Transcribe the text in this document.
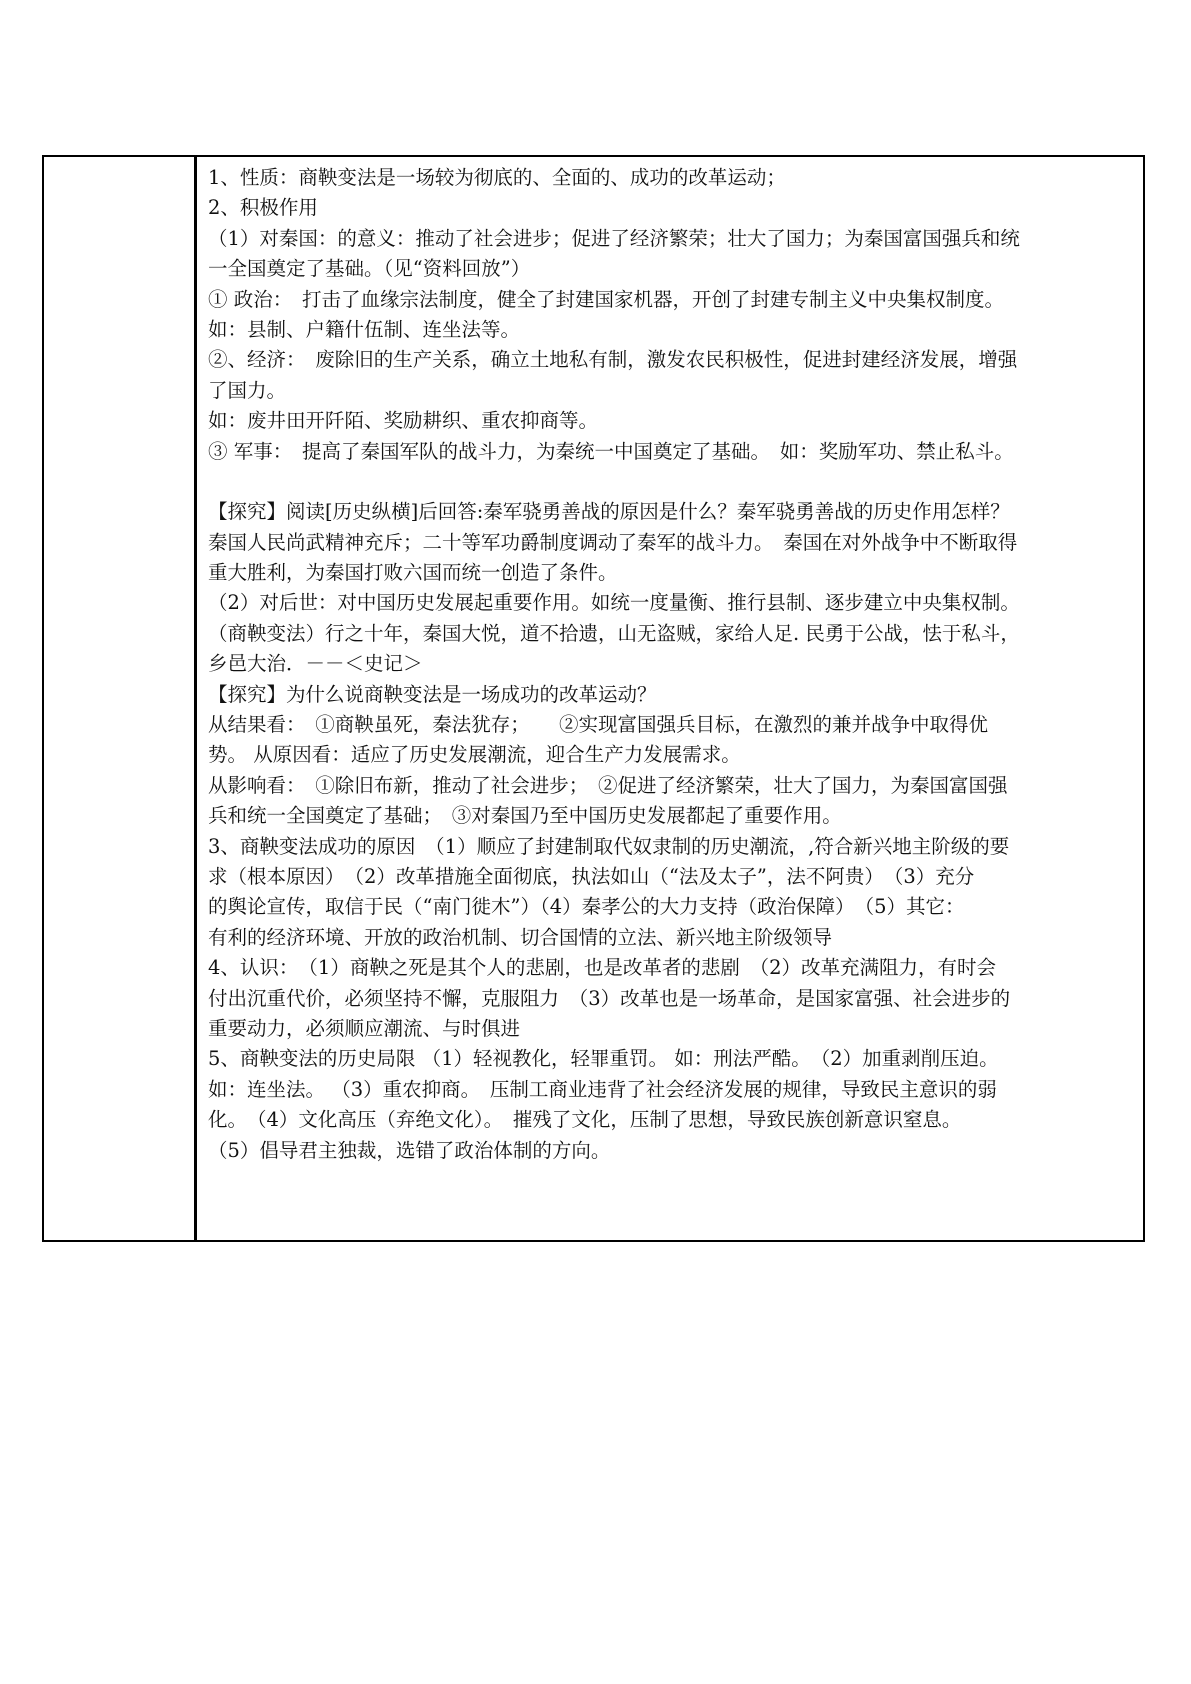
1、性质：商鞅变法是一场较为彻底的、全面的、成功的改革运动；
2、积极作用
（1）对秦国：的意义：推动了社会进步；促进了经济繁荣；壮大了国力；为秦国富国强兵和统
一全国奠定了基础。（见“资料回放”）
① 政治：　打击了血缘宗法制度，健全了封建国家机器，开创了封建专制主义中央集权制度。
如：县制、户籍什伍制、连坐法等。
②、经济：　废除旧的生产关系，确立土地私有制，激发农民积极性，促进封建经济发展，增强
了国力。
如：废井田开阡陌、奖励耕织、重农抑商等。
③ 军事：　提高了秦国军队的战斗力，为秦统一中国奠定了基础。　如：奖励军功、禁止私斗。
【探究】阅读[历史纵横]后回答:秦军骁勇善战的原因是什么？秦军骁勇善战的历史作用怎样？
秦国人民尚武精神充斥；二十等军功爵制度调动了秦军的战斗力。　秦国在对外战争中不断取得
重大胜利，为秦国打败六国而统一创造了条件。
（2）对后世：对中国历史发展起重要作用。如统一度量衡、推行县制、逐步建立中央集权制。
（商鞅变法）行之十年，秦国大悦，道不拾遗，山无盗贼，家给人足. 民勇于公战，怯于私斗，
乡邑大治．－－＜史记＞
【探究】为什么说商鞅变法是一场成功的改革运动？
从结果看：　①商鞅虽死，秦法犹存；　　②实现富国强兵目标，在激烈的兼并战争中取得优
势。 从原因看：适应了历史发展潮流，迎合生产力发展需求。
从影响看：　①除旧布新，推动了社会进步；　②促进了经济繁荣，壮大了国力，为秦国富国强
兵和统一全国奠定了基础；　③对秦国乃至中国历史发展都起了重要作用。
3、商鞅变法成功的原因　（1）顺应了封建制取代奴隶制的历史潮流，,符合新兴地主阶级的要
求（根本原因）　（2）改革措施全面彻底，执法如山（“法及太子”，法不阿贵）　（3）充分
的舆论宣传，取信于民（“南门徙木”）（4）秦孝公的大力支持（政治保障）　（5）其它：
有利的经济环境、开放的政治机制、切合国情的立法、新兴地主阶级领导
4、认识：　（1）商鞅之死是其个人的悲剧，也是改革者的悲剧　（2）改革充满阻力，有时会
付出沉重代价，必须坚持不懈，克服阻力　（3）改革也是一场革命，是国家富强、社会进步的
重要动力，必须顺应潮流、与时俱进
5、商鞅变法的历史局限 （1）轻视教化，轻罪重罚。 如：刑法严酷。　（2）加重剥削压迫。
如：连坐法。 （3）重农抑商。　压制工商业违背了社会经济发展的规律，导致民主意识的弱
化。　（4）文化高压（弃绝文化）。　摧残了文化，压制了思想，导致民族创新意识窒息。
（5）倡导君主独裁，选错了政治体制的方向。
